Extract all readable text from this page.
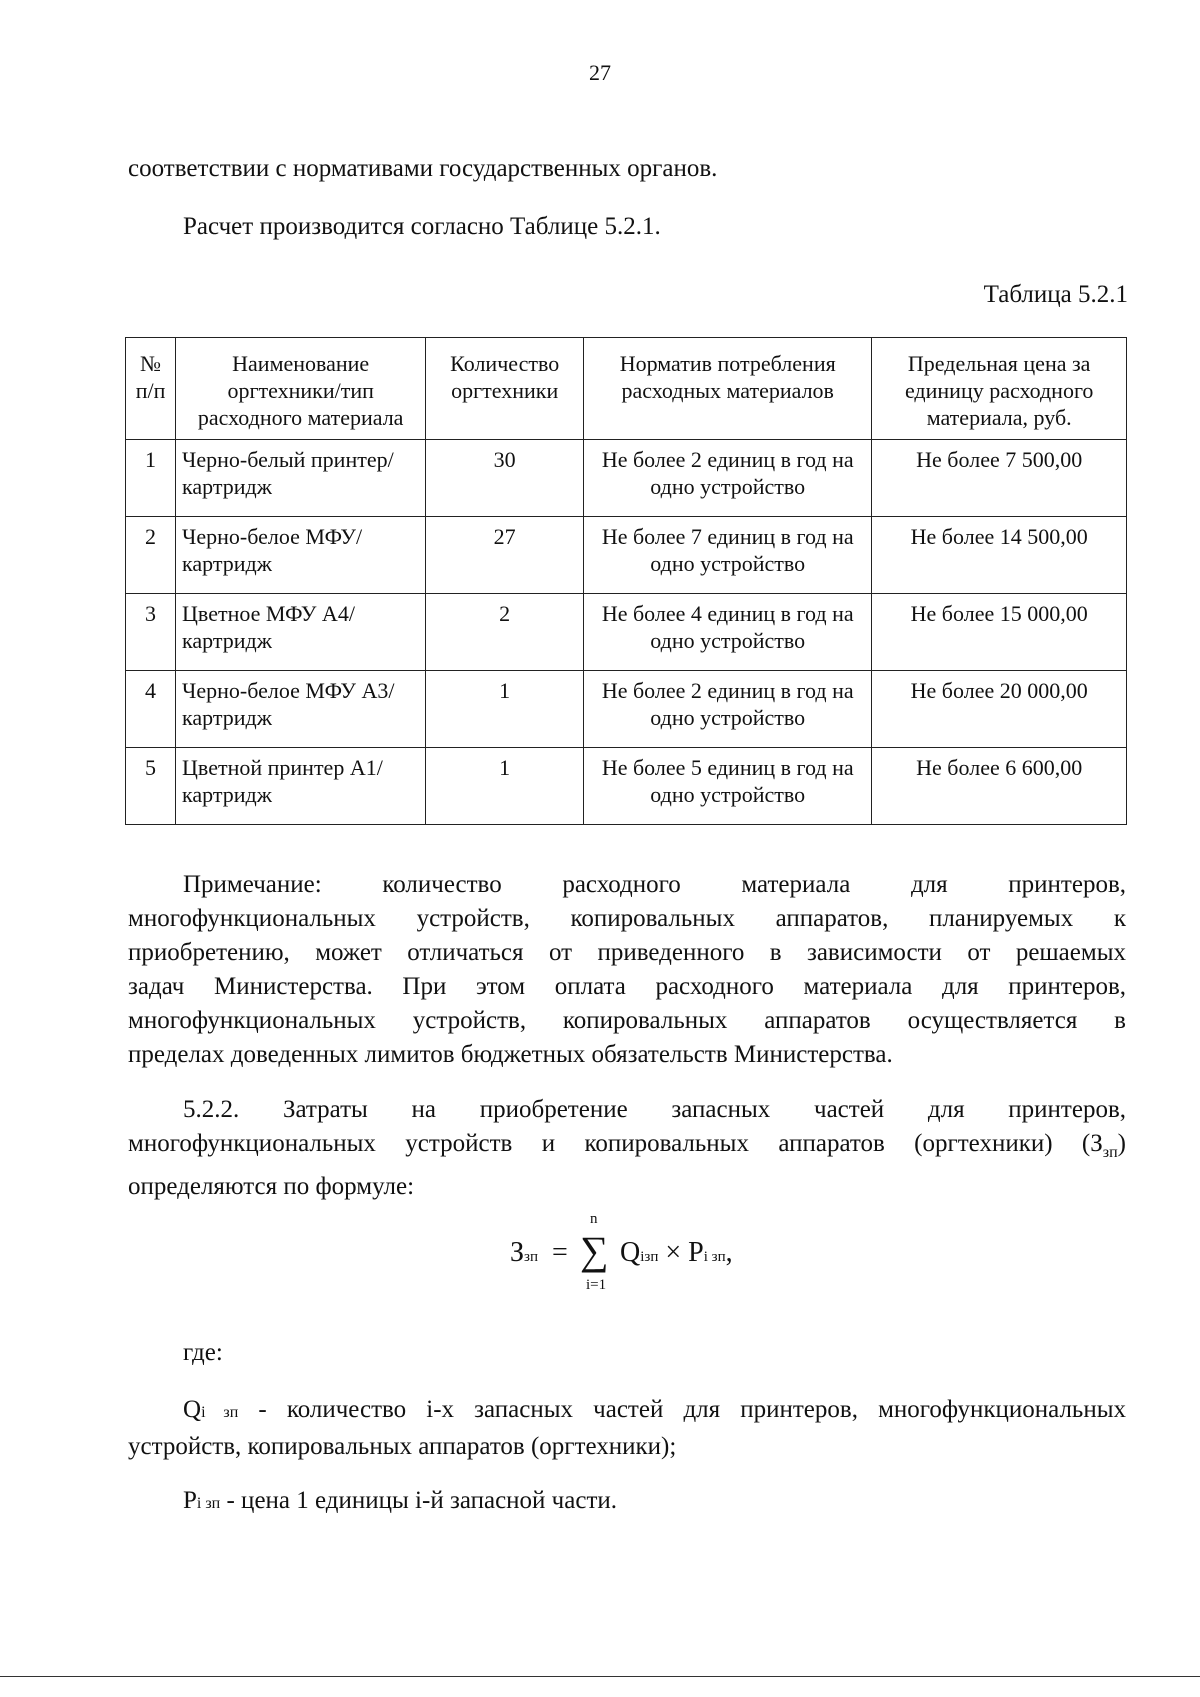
27
соответствии с нормативами государственных органов.
Расчет производится согласно Таблице 5.2.1.
Таблица 5.2.1
№ п/п	Наименование оргтехники/тип расходного материала	Количество оргтехники	Норматив потребления расходных материалов	Предельная цена за единицу расходного материала, руб.
1	Черно-белый принтер/картридж	30	Не более 2 единиц в год на одно устройство	Не более 7 500,00
2	Черно-белое МФУ/картридж	27	Не более 7 единиц в год на одно устройство	Не более 14 500,00
3	Цветное МФУ А4/картридж	2	Не более 4 единиц в год на одно устройство	Не более 15 000,00
4	Черно-белое МФУ А3/картридж	1	Не более 2 единиц в год на одно устройство	Не более 20 000,00
5	Цветной принтер А1/картридж	1	Не более 5 единиц в год на одно устройство	Не более 6 600,00
Примечание: количество расходного материала для принтеров,
многофункциональных устройств, копировальных аппаратов, планируемых к
приобретению, может отличаться от приведенного в зависимости от решаемых
задач Министерства. При этом оплата расходного материала для принтеров,
многофункциональных устройств, копировальных аппаратов осуществляется в
пределах доведенных лимитов бюджетных обязательств Министерства.
5.2.2. Затраты на приобретение запасных частей для принтеров,
многофункциональных устройств и копировальных аппаратов (оргтехники) $(З_{зп})$
определяются по формуле:
Ззп =
n
∑
i=1
Qiзп × Pi зп,
где:
Qi зп - количество i-х запасных частей для принтеров, многофункциональных
устройств, копировальных аппаратов (оргтехники);
Pi зп - цена 1 единицы i-й запасной части.
